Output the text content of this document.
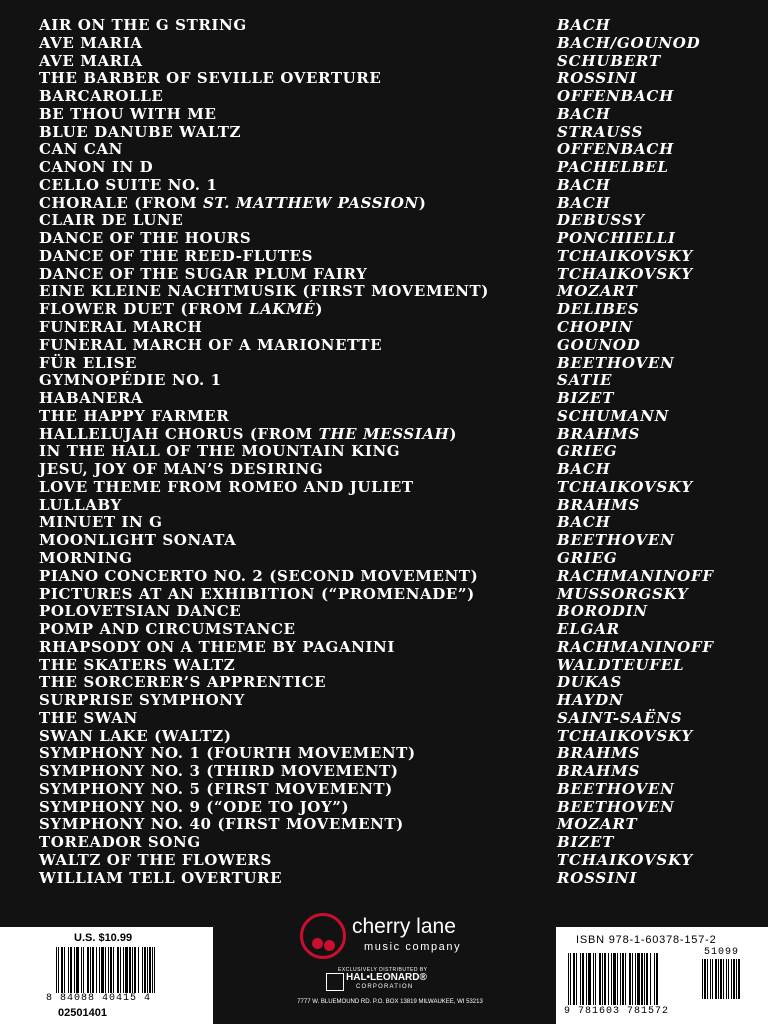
AIR ON THE G STRING	BACH
AVE MARIA	BACH/GOUNOD
AVE MARIA	SCHUBERT
THE BARBER OF SEVILLE OVERTURE	ROSSINI
BARCAROLLE	OFFENBACH
BE THOU WITH ME	BACH
BLUE DANUBE WALTZ	STRAUSS
CAN CAN	OFFENBACH
CANON IN D	PACHELBEL
CELLO SUITE NO. 1	BACH
CHORALE (FROM ST. MATTHEW PASSION)	BACH
CLAIR DE LUNE	DEBUSSY
DANCE OF THE HOURS	PONCHIELLI
DANCE OF THE REED-FLUTES	TCHAIKOVSKY
DANCE OF THE SUGAR PLUM FAIRY	TCHAIKOVSKY
EINE KLEINE NACHTMUSIK (FIRST MOVEMENT)	MOZART
FLOWER DUET (FROM LAKMÉ)	DELIBES
FUNERAL MARCH	CHOPIN
FUNERAL MARCH OF A MARIONETTE	GOUNOD
FÜR ELISE	BEETHOVEN
GYMNOPÉDIE NO. 1	SATIE
HABANERA	BIZET
THE HAPPY FARMER	SCHUMANN
HALLELUJAH CHORUS (FROM THE MESSIAH)	BRAHMS
IN THE HALL OF THE MOUNTAIN KING	GRIEG
JESU, JOY OF MAN’S DESIRING	BACH
LOVE THEME FROM ROMEO AND JULIET	TCHAIKOVSKY
LULLABY	BRAHMS
MINUET IN G	BACH
MOONLIGHT SONATA	BEETHOVEN
MORNING	GRIEG
PIANO CONCERTO NO. 2 (SECOND MOVEMENT)	RACHMANINOFF
PICTURES AT AN EXHIBITION (“PROMENADE”)	MUSSORGSKY
POLOVETSIAN DANCE	BORODIN
POMP AND CIRCUMSTANCE	ELGAR
RHAPSODY ON A THEME BY PAGANINI	RACHMANINOFF
THE SKATERS WALTZ	WALDTEUFEL
THE SORCERER’S APPRENTICE	DUKAS
SURPRISE SYMPHONY	HAYDN
THE SWAN	SAINT-SAËNS
SWAN LAKE (WALTZ)	TCHAIKOVSKY
SYMPHONY NO. 1 (FOURTH MOVEMENT)	BRAHMS
SYMPHONY NO. 3 (THIRD MOVEMENT)	BRAHMS
SYMPHONY NO. 5 (FIRST MOVEMENT)	BEETHOVEN
SYMPHONY NO. 9 (“ODE TO JOY”)	BEETHOVEN
SYMPHONY NO. 40 (FIRST MOVEMENT)	MOZART
TOREADOR SONG	BIZET
WALTZ OF THE FLOWERS	TCHAIKOVSKY
WILLIAM TELL OVERTURE	ROSSINI
U.S. $10.99
8 84088 40415 4
02501401
cherry lane
music company
EXCLUSIVELY DISTRIBUTED BY
HAL•LEONARD®
CORPORATION
7777 W. BLUEMOUND RD. P.O. BOX 13819 MILWAUKEE, WI 53213
ISBN 978-1-60378-157-2
51099
9 781603 781572
